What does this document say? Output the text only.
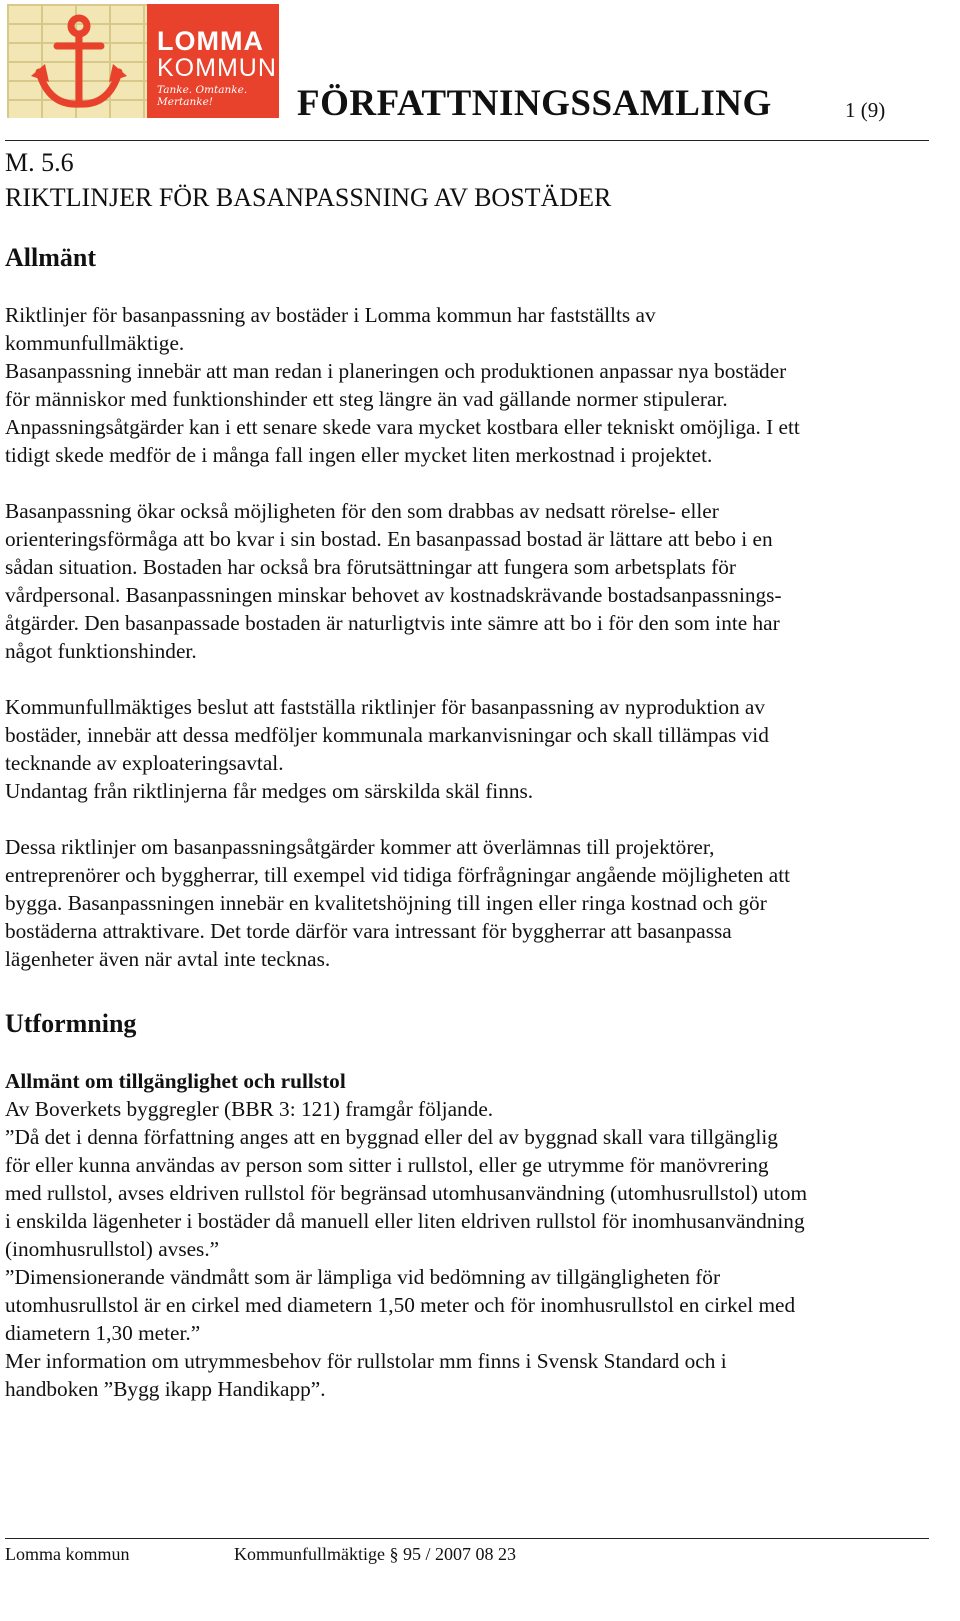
LOMMA
KOMMUN
Tanke. Omtanke. Mertanke!	FÖRFATTNINGSSAMLING	1 (9)
M. 5.6
RIKTLINJER FÖR BASANPASSNING AV BOSTÄDER
Allmänt
Riktlinjer för basanpassning av bostäder i Lomma kommun har fastställts av
kommunfullmäktige.
Basanpassning innebär att man redan i planeringen och produktionen anpassar nya bostäder
för människor med funktionshinder ett steg längre än vad gällande normer stipulerar.
Anpassningsåtgärder kan i ett senare skede vara mycket kostbara eller tekniskt omöjliga. I ett
tidigt skede medför de i många fall ingen eller mycket liten merkostnad i projektet.
Basanpassning ökar också möjligheten för den som drabbas av nedsatt rörelse- eller
orienteringsförmåga att bo kvar i sin bostad. En basanpassad bostad är lättare att bebo i en
sådan situation. Bostaden har också bra förutsättningar att fungera som arbetsplats för
vårdpersonal. Basanpassningen minskar behovet av kostnadskrävande bostadsanpassnings-
åtgärder. Den basanpassade bostaden är naturligtvis inte sämre att bo i för den som inte har
något funktionshinder.
Kommunfullmäktiges beslut att fastställa riktlinjer för basanpassning av nyproduktion av
bostäder, innebär att dessa medföljer kommunala markanvisningar och skall tillämpas vid
tecknande av exploateringsavtal.
Undantag från riktlinjerna får medges om särskilda skäl finns.
Dessa riktlinjer om basanpassningsåtgärder kommer att överlämnas till projektörer,
entreprenörer och byggherrar, till exempel vid tidiga förfrågningar angående möjligheten att
bygga. Basanpassningen innebär en kvalitetshöjning till ingen eller ringa kostnad och gör
bostäderna attraktivare. Det torde därför vara intressant för byggherrar att basanpassa
lägenheter även när avtal inte tecknas.
Utformning
Allmänt om tillgänglighet och rullstol
Av Boverkets byggregler (BBR 3: 121) framgår följande.
”Då det i denna författning anges att en byggnad eller del av byggnad skall vara tillgänglig
för eller kunna användas av person som sitter i rullstol, eller ge utrymme för manövrering
med rullstol, avses eldriven rullstol för begränsad utomhusanvändning (utomhusrullstol) utom
i enskilda lägenheter i bostäder då manuell eller liten eldriven rullstol för inomhusanvändning
(inomhusrullstol) avses.”
”Dimensionerande vändmått som är lämpliga vid bedömning av tillgängligheten för
utomhusrullstol är en cirkel med diametern 1,50 meter och för inomhusrullstol en cirkel med
diametern 1,30 meter.”
Mer information om utrymmesbehov för rullstolar mm finns i Svensk Standard och i
handboken ”Bygg ikapp Handikapp”.
Lomma kommun	Kommunfullmäktige § 95 / 2007 08 23
